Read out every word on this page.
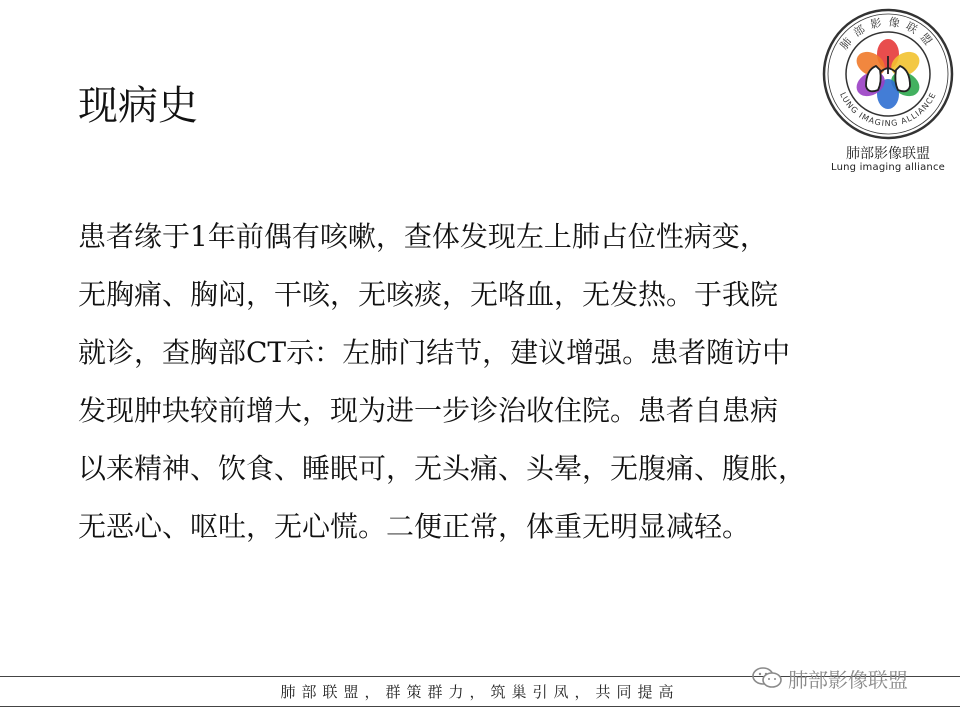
现病史
患者缘于1年前偶有咳嗽，查体发现左上肺占位性病变，
无胸痛、胸闷，干咳，无咳痰，无咯血，无发热。于我院
就诊，查胸部CT示：左肺门结节，建议增强。患者随访中
发现肿块较前增大，现为进一步诊治收住院。患者自患病
以来精神、饮食、睡眠可，无头痛、头晕，无腹痛、腹胀，
无恶心、呕吐，无心慌。二便正常，体重无明显减轻。
肺部影像联盟
LUNG IMAGING ALLIANCE
肺部影像联盟
Lung imaging alliance
肺部联盟，群策群力，筑巢引凤，共同提高
肺部影像联盟
